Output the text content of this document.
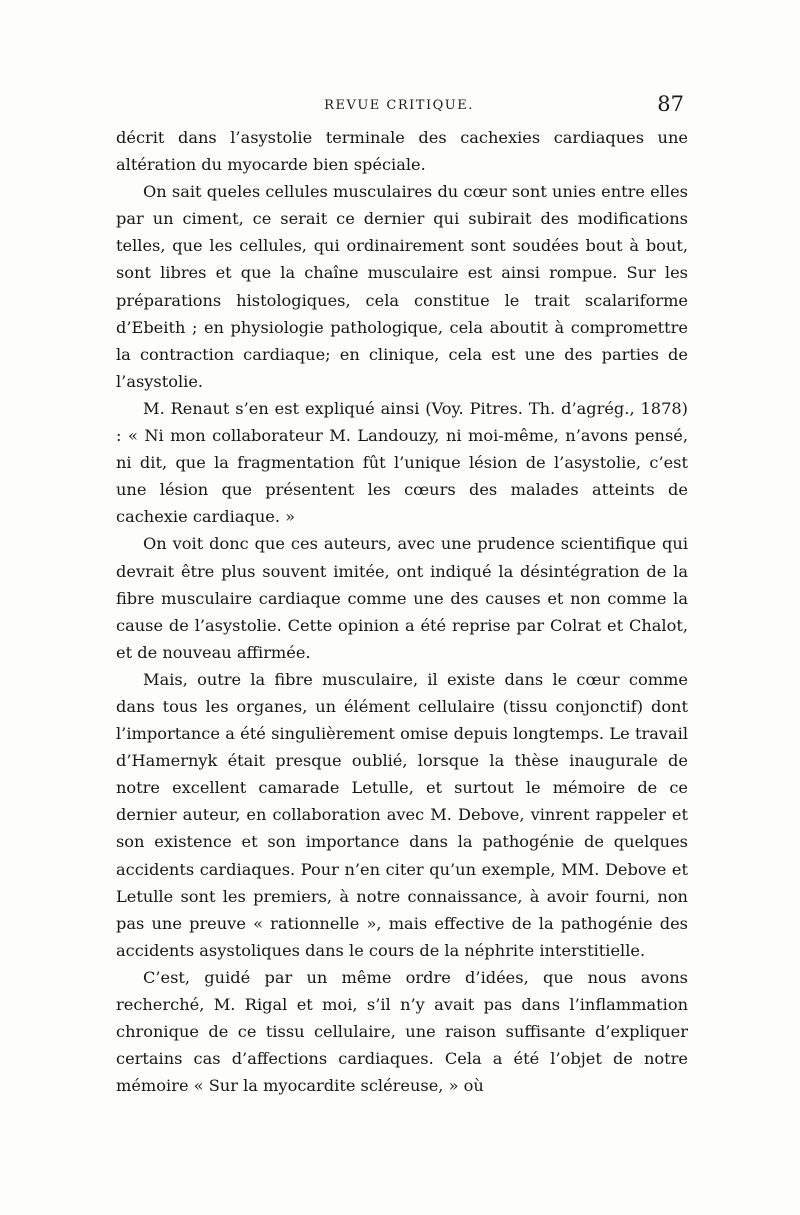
REVUE CRITIQUE.	87

décrit dans l’asystolie terminale des cachexies cardiaques une altération du myocarde bien spéciale.

On sait queles cellules musculaires du cœur sont unies entre elles par un ciment, ce serait ce dernier qui subirait des modifications telles, que les cellules, qui ordinairement sont soudées bout à bout, sont libres et que la chaîne musculaire est ainsi rompue. Sur les préparations histologiques, cela constitue le trait scalariforme d’Ebeith ; en physiologie pathologique, cela aboutit à compromettre la contraction cardiaque; en clinique, cela est une des parties de l’asystolie.

M. Renaut s’en est expliqué ainsi (Voy. Pitres. Th. d’agrég., 1878) : « Ni mon collaborateur M. Landouzy, ni moi-même, n’avons pensé, ni dit, que la fragmentation fût l’unique lésion de l’asystolie, c’est une lésion que présentent les cœurs des malades atteints de cachexie cardiaque. »

On voit donc que ces auteurs, avec une prudence scientifique qui devrait être plus souvent imitée, ont indiqué la désintégration de la fibre musculaire cardiaque comme une des causes et non comme la cause de l’asystolie. Cette opinion a été reprise par Colrat et Chalot, et de nouveau affirmée.

Mais, outre la fibre musculaire, il existe dans le cœur comme dans tous les organes, un élément cellulaire (tissu conjonctif) dont l’importance a été singulièrement omise depuis longtemps. Le travail d’Hamernyk était presque oublié, lorsque la thèse inaugurale de notre excellent camarade Letulle, et surtout le mémoire de ce dernier auteur, en collaboration avec M. Debove, vinrent rappeler et son existence et son importance dans la pathogénie de quelques accidents cardiaques. Pour n’en citer qu’un exemple, MM. Debove et Letulle sont les premiers, à notre connaissance, à avoir fourni, non pas une preuve « rationnelle », mais effective de la pathogénie des accidents asystoliques dans le cours de la néphrite interstitielle.

C’est, guidé par un même ordre d’idées, que nous avons recherché, M. Rigal et moi, s’il n’y avait pas dans l’inflammation chronique de ce tissu cellulaire, une raison suffisante d’expliquer certains cas d’affections cardiaques. Cela a été l’objet de notre mémoire « Sur la myocardite scléreuse, » où
